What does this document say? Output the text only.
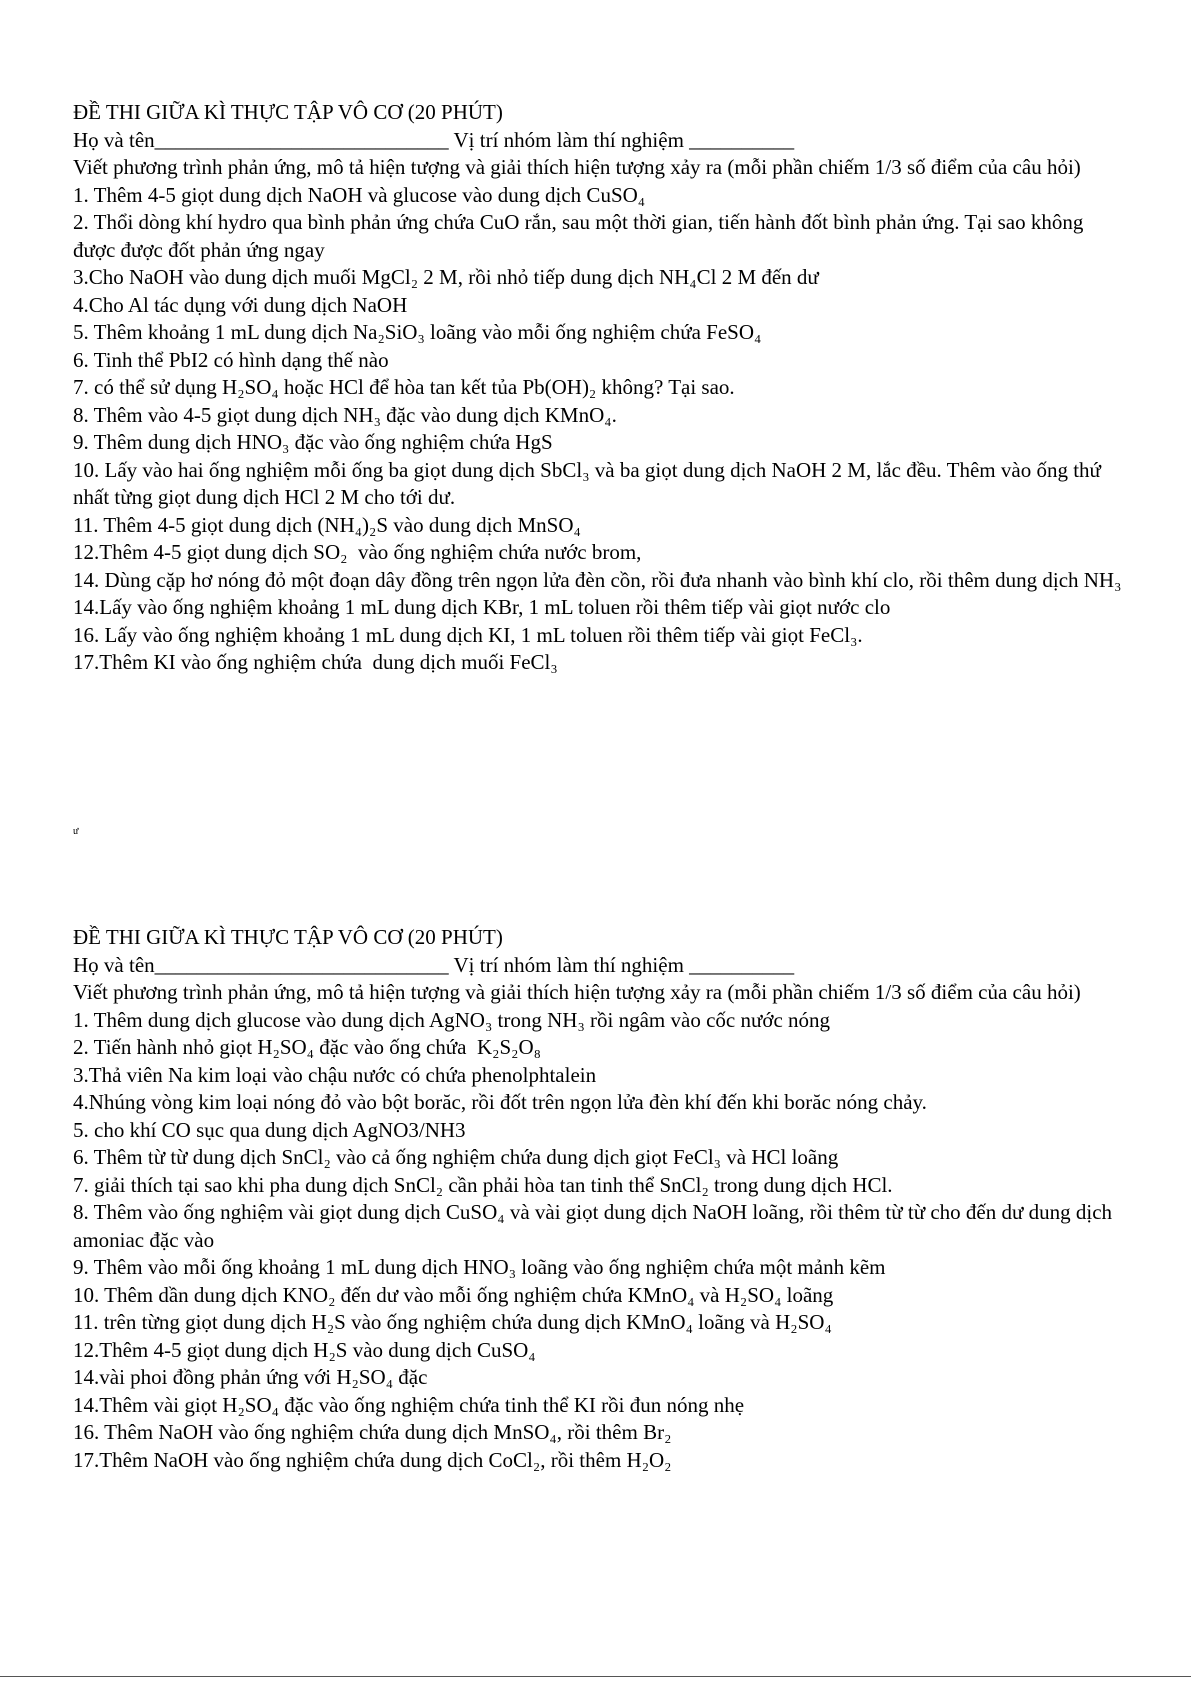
ĐỀ THI GIỮA KÌ THỰC TẬP VÔ CƠ (20 PHÚT)
Họ và tên____________________________ Vị trí nhóm làm thí nghiệm __________
Viết phương trình phản ứng, mô tả hiện tượng và giải thích hiện tượng xảy ra (mỗi phần chiếm 1/3 số điểm của câu hỏi)
1. Thêm 4-5 giọt dung dịch NaOH và glucose vào dung dịch CuSO₄
2. Thổi dòng khí hydro qua bình phản ứng chứa CuO rắn, sau một thời gian, tiến hành đốt bình phản ứng. Tại sao không được được đốt phản ứng ngay
3.Cho NaOH vào dung dịch muối MgCl₂ 2 M, rồi nhỏ tiếp dung dịch NH₄Cl 2 M đến dư
4.Cho Al tác dụng với dung dịch NaOH
5. Thêm khoảng 1 mL dung dịch Na₂SiO₃ loãng vào mỗi ống nghiệm chứa FeSO₄
6. Tinh thể PbI2 có hình dạng thế nào
7. có thể sử dụng H₂SO₄ hoặc HCl để hòa tan kết tủa Pb(OH)₂ không? Tại sao.
8. Thêm vào 4-5 giọt dung dịch NH₃ đặc vào dung dịch KMnO₄.
9. Thêm dung dịch HNO₃ đặc vào ống nghiệm chứa HgS
10. Lấy vào hai ống nghiệm mỗi ống ba giọt dung dịch SbCl₃ và ba giọt dung dịch NaOH 2 M, lắc đều. Thêm vào ống thứ nhất từng giọt dung dịch HCl 2 M cho tới dư.
11. Thêm 4-5 giọt dung dịch (NH₄)₂S vào dung dịch MnSO₄
12.Thêm 4-5 giọt dung dịch SO₂  vào ống nghiệm chứa nước brom,
14. Dùng cặp hơ nóng đỏ một đoạn dây đồng trên ngọn lửa đèn cồn, rồi đưa nhanh vào bình khí clo, rồi thêm dung dịch NH₃
14.Lấy vào ống nghiệm khoảng 1 mL dung dịch KBr, 1 mL toluen rồi thêm tiếp vài giọt nước clo
16. Lấy vào ống nghiệm khoảng 1 mL dung dịch KI, 1 mL toluen rồi thêm tiếp vài giọt FeCl₃.
17.Thêm KI vào ống nghiệm chứa  dung dịch muối FeCl₃
ư
ĐỀ THI GIỮA KÌ THỰC TẬP VÔ CƠ (20 PHÚT)
Họ và tên____________________________ Vị trí nhóm làm thí nghiệm __________
Viết phương trình phản ứng, mô tả hiện tượng và giải thích hiện tượng xảy ra (mỗi phần chiếm 1/3 số điểm của câu hỏi)
1. Thêm dung dịch glucose vào dung dịch AgNO₃ trong NH₃ rồi ngâm vào cốc nước nóng
2. Tiến hành nhỏ giọt H₂SO₄ đặc vào ống chứa  K₂S₂O₈
3.Thả viên Na kim loại vào chậu nước có chứa phenolphtalein
4.Nhúng vòng kim loại nóng đỏ vào bột borăc, rồi đốt trên ngọn lửa đèn khí đến khi borăc nóng chảy.
5. cho khí CO sục qua dung dịch AgNO3/NH3
6. Thêm từ từ dung dịch SnCl₂ vào cả ống nghiệm chứa dung dịch giọt FeCl₃ và HCl loãng
7. giải thích tại sao khi pha dung dịch SnCl₂ cần phải hòa tan tinh thể SnCl₂ trong dung dịch HCl.
8. Thêm vào ống nghiệm vài giọt dung dịch CuSO₄ và vài giọt dung dịch NaOH loãng, rồi thêm từ từ cho đến dư dung dịch amoniac đặc vào
9. Thêm vào mỗi ống khoảng 1 mL dung dịch HNO₃ loãng vào ống nghiệm chứa một mảnh kẽm
10. Thêm dần dung dịch KNO₂ đến dư vào mỗi ống nghiệm chứa KMnO₄ và H₂SO₄ loãng
11. trên từng giọt dung dịch H₂S vào ống nghiệm chứa dung dịch KMnO₄ loãng và H₂SO₄
12.Thêm 4-5 giọt dung dịch H₂S vào dung dịch CuSO₄
14.vài phoi đồng phản ứng với H₂SO₄ đặc
14.Thêm vài giọt H₂SO₄ đặc vào ống nghiệm chứa tinh thể KI rồi đun nóng nhẹ
16. Thêm NaOH vào ống nghiệm chứa dung dịch MnSO₄, rồi thêm Br₂
17.Thêm NaOH vào ống nghiệm chứa dung dịch CoCl₂, rồi thêm H₂O₂
